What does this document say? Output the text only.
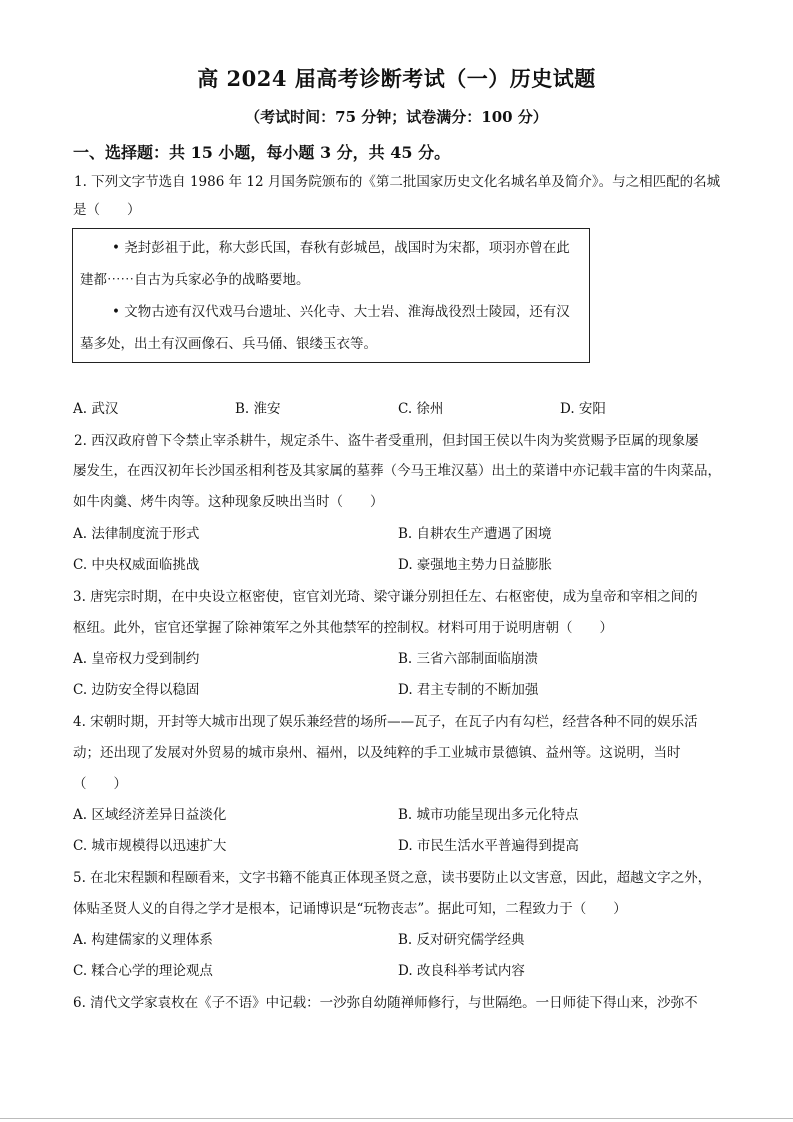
高 2024 届高考诊断考试（一）历史试题
（考试时间：75 分钟；试卷满分：100 分）
一、选择题：共 15 小题，每小题 3 分，共 45 分。
1. 下列文字节选自 1986 年 12 月国务院颁布的《第二批国家历史文化名城名单及简介》。与之相匹配的名城
是（　　）
• 尧封彭祖于此，称大彭氏国，春秋有彭城邑，战国时为宋都，项羽亦曾在此
建都⋯⋯自古为兵家必争的战略要地。
• 文物古迹有汉代戏马台遗址、兴化寺、大士岩、淮海战役烈士陵园，还有汉
墓多处，出土有汉画像石、兵马俑、银缕玉衣等。
A. 武汉	B. 淮安	C. 徐州	D. 安阳
2. 西汉政府曾下令禁止宰杀耕牛，规定杀牛、盗牛者受重刑，但封国王侯以牛肉为奖赏赐予臣属的现象屡
屡发生，在西汉初年长沙国丞相利苍及其家属的墓葬（今马王堆汉墓）出土的菜谱中亦记载丰富的牛肉菜品，
如牛肉羹、烤牛肉等。这种现象反映出当时（　　）
A. 法律制度流于形式	B. 自耕农生产遭遇了困境
C. 中央权威面临挑战	D. 豪强地主势力日益膨胀
3. 唐宪宗时期，在中央设立枢密使，宦官刘光琦、梁守谦分别担任左、右枢密使，成为皇帝和宰相之间的
枢纽。此外，宦官还掌握了除神策军之外其他禁军的控制权。材料可用于说明唐朝（　　）
A. 皇帝权力受到制约	B. 三省六部制面临崩溃
C. 边防安全得以稳固	D. 君主专制的不断加强
4. 宋朝时期，开封等大城市出现了娱乐兼经营的场所——瓦子，在瓦子内有勾栏，经营各种不同的娱乐活
动；还出现了发展对外贸易的城市泉州、福州，以及纯粹的手工业城市景德镇、益州等。这说明，当时
（　　）
A. 区域经济差异日益淡化	B. 城市功能呈现出多元化特点
C. 城市规模得以迅速扩大	D. 市民生活水平普遍得到提高
5. 在北宋程颢和程颐看来，文字书籍不能真正体现圣贤之意，读书要防止以文害意，因此，超越文字之外，
体贴圣贤人义的自得之学才是根本，记诵博识是“玩物丧志”。据此可知，二程致力于（　　）
A. 构建儒家的义理体系	B. 反对研究儒学经典
C. 糅合心学的理论观点	D. 改良科举考试内容
6. 清代文学家袁枚在《子不语》中记载：一沙弥自幼随禅师修行，与世隔绝。一日师徒下得山来，沙弥不
